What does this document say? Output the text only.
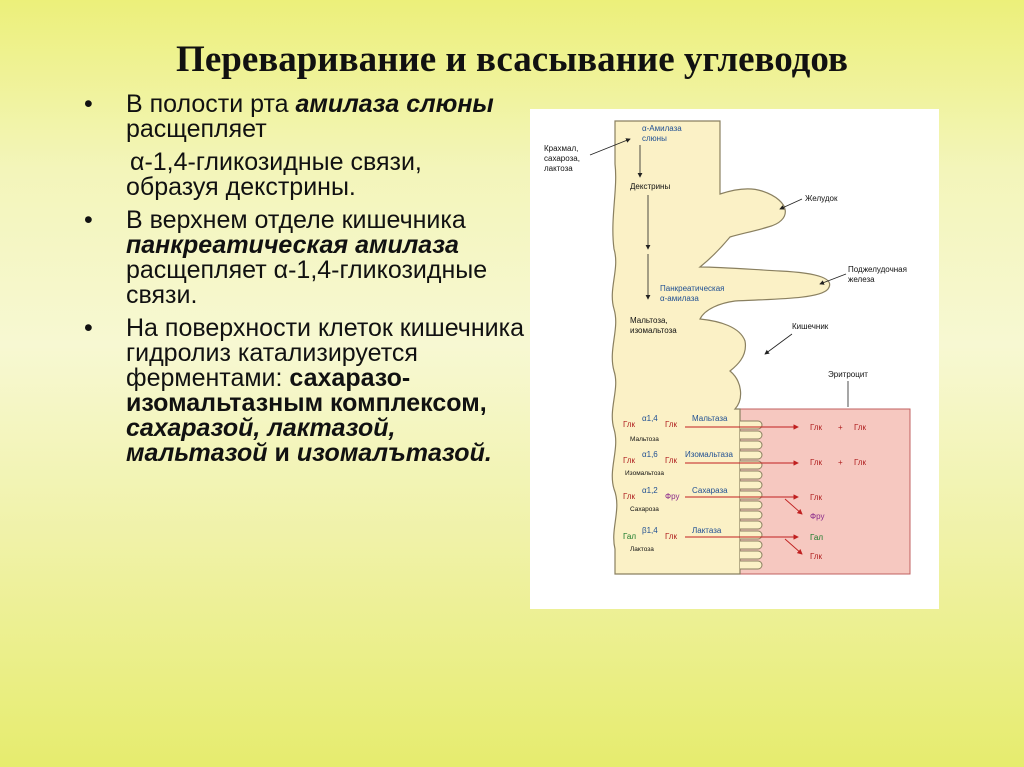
Переваривание и всасывание углеводов
• В полости рта амилаза слюны расщепляет
α-1,4-гликозидные связи,
образуя декстрины.
• В верхнем отделе кишечника панкреатическая амилаза расщепляет α-1,4-гликозидные связи.
• На поверхности клеток кишечника гидролиз катализируется ферментами: сахаразо-изомальтазным комплексом, сахаразой, лактазой, мальтазой и изомалътазой.
Крахмал,
сахароза,
лактоза
α-Амилаза
слюны
Декстрины
Желудок
Поджелудочная
железа
Панкреатическая
α-амилаза
Мальтоза,
изомальтоза	Кишечник
Эритроцит
Глк
α1,4
Глк
Мальтоза
Мальтаза
Глк + Глк
Глк
α1,6
Глк
Изомальтоза
Изомальтаза
Глк + Глк
Глк
α1,2
Фру
Сахароза
Сахараза
Глк
Фру
Гал
β1,4
Глк
Лактоза
Лактаза
Гал
Глк
